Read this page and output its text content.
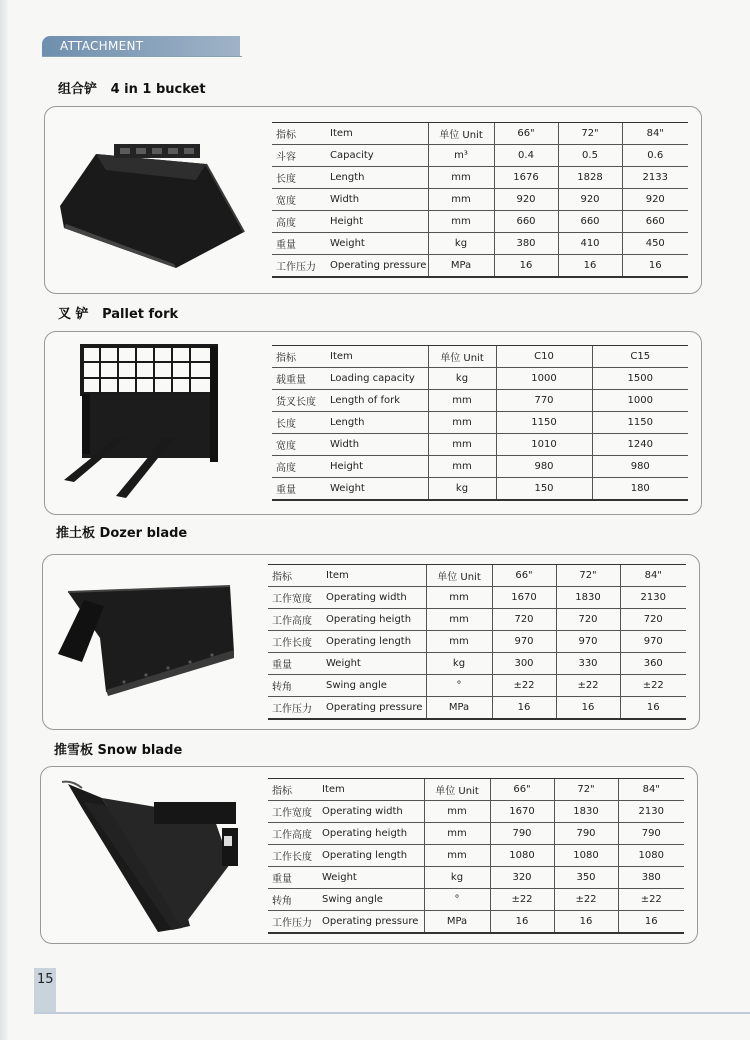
ATTACHMENT
组合铲 4 in 1 bucket
指标	Item	单位 Unit	66"	72"	84"
斗容	Capacity	m³	0.4	0.5	0.6
长度	Length	mm	1676	1828	2133
宽度	Width	mm	920	920	920
高度	Height	mm	660	660	660
重量	Weight	kg	380	410	450
工作压力	Operating pressure	MPa	16	16	16
叉 铲 Pallet fork
指标	Item	单位 Unit	C10	C15
载重量	Loading capacity	kg	1000	1500
货叉长度	Length of fork	mm	770	1000
长度	Length	mm	1150	1150
宽度	Width	mm	1010	1240
高度	Height	mm	980	980
重量	Weight	kg	150	180
推土板 Dozer blade
指标	Item	单位 Unit	66"	72"	84"
工作宽度	Operating width	mm	1670	1830	2130
工作高度	Operating heigth	mm	720	720	720
工作长度	Operating length	mm	970	970	970
重量	Weight	kg	300	330	360
转角	Swing angle	°	±22	±22	±22
工作压力	Operating pressure	MPa	16	16	16
推雪板 Snow blade
指标	Item	单位 Unit	66"	72"	84"
工作宽度	Operating width	mm	1670	1830	2130
工作高度	Operating heigth	mm	790	790	790
工作长度	Operating length	mm	1080	1080	1080
重量	Weight	kg	320	350	380
转角	Swing angle	°	±22	±22	±22
工作压力	Operating pressure	MPa	16	16	16
15
